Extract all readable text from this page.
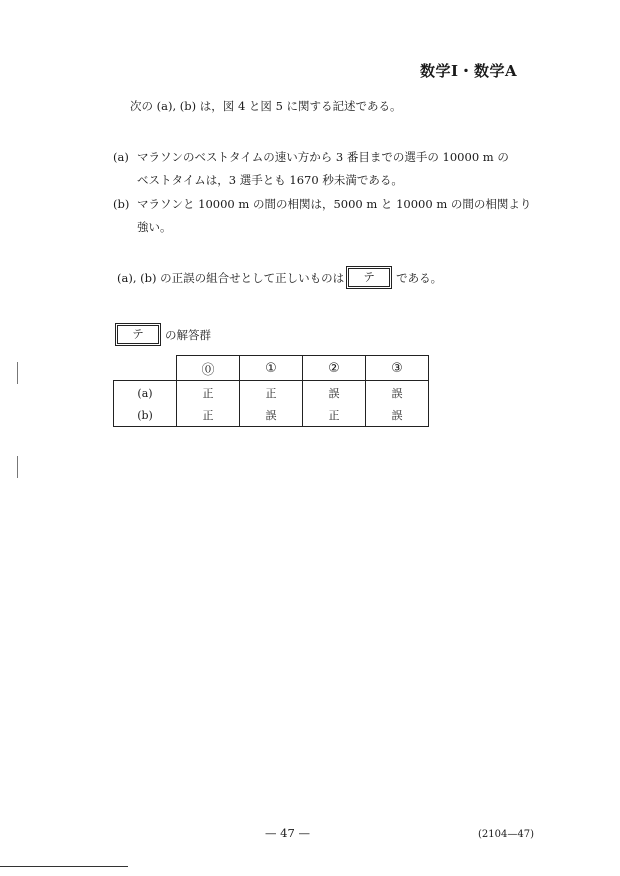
数学Ⅰ・数学A
次の (a), (b) は，図 4 と図 5 に関する記述である。
(a) マラソンのベストタイムの速い方から 3 番目までの選手の 10000 m の
ベストタイムは，3 選手とも 1670 秒未満である。
(b) マラソンと 10000 m の間の相関は，5000 m と 10000 m の間の相関より
強い。
(a), (b) の正誤の組合せとして正しいものは	テ	である。
テ	の解答群
	⓪	①	②	③
(a)	正	正	誤	誤
(b)	正	誤	正	誤
— 47 —	(2104—47)
